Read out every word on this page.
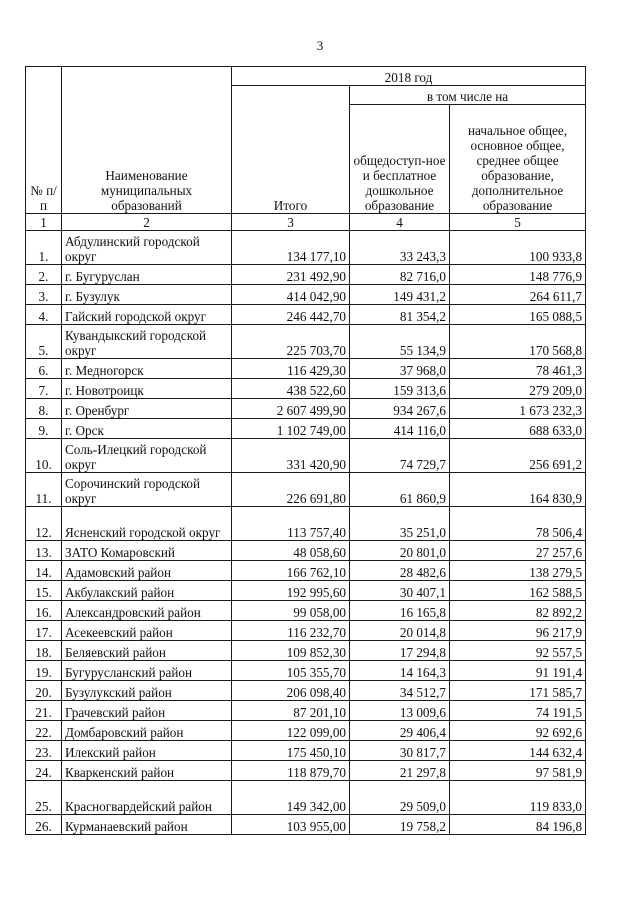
3
№ п/п	Наименование муниципальных образований	2018 год		
		Итого	в том числе на	
			общедоступ-ное и бесплатное дошкольное образование	начальное общее, основное общее, среднее общее образование, дополнительное образование
1	2	3	4	5
1.	Абдулинский городской округ	134 177,10	33 243,3	100 933,8
2.	г. Бугуруслан	231 492,90	82 716,0	148 776,9
3.	г. Бузулук	414 042,90	149 431,2	264 611,7
4.	Гайский городской округ	246 442,70	81 354,2	165 088,5
5.	Кувандыкский городской округ	225 703,70	55 134,9	170 568,8
6.	г. Медногорск	116 429,30	37 968,0	78 461,3
7.	г. Новотроицк	438 522,60	159 313,6	279 209,0
8.	г. Оренбург	2 607 499,90	934 267,6	1 673 232,3
9.	г. Орск	1 102 749,00	414 116,0	688 633,0
10.	Соль-Илецкий городской округ	331 420,90	74 729,7	256 691,2
11.	Сорочинский городской округ	226 691,80	61 860,9	164 830,9
12.	Ясненский городской округ	113 757,40	35 251,0	78 506,4
13.	ЗАТО Комаровский	48 058,60	20 801,0	27 257,6
14.	Адамовский район	166 762,10	28 482,6	138 279,5
15.	Акбулакский район	192 995,60	30 407,1	162 588,5
16.	Александровский район	99 058,00	16 165,8	82 892,2
17.	Асекеевский район	116 232,70	20 014,8	96 217,9
18.	Беляевский район	109 852,30	17 294,8	92 557,5
19.	Бугурусланский район	105 355,70	14 164,3	91 191,4
20.	Бузулукский район	206 098,40	34 512,7	171 585,7
21.	Грачевский район	87 201,10	13 009,6	74 191,5
22.	Домбаровский район	122 099,00	29 406,4	92 692,6
23.	Илекский район	175 450,10	30 817,7	144 632,4
24.	Кваркенский район	118 879,70	21 297,8	97 581,9
25.	Красногвардейский район	149 342,00	29 509,0	119 833,0
26.	Курманаевский район	103 955,00	19 758,2	84 196,8
